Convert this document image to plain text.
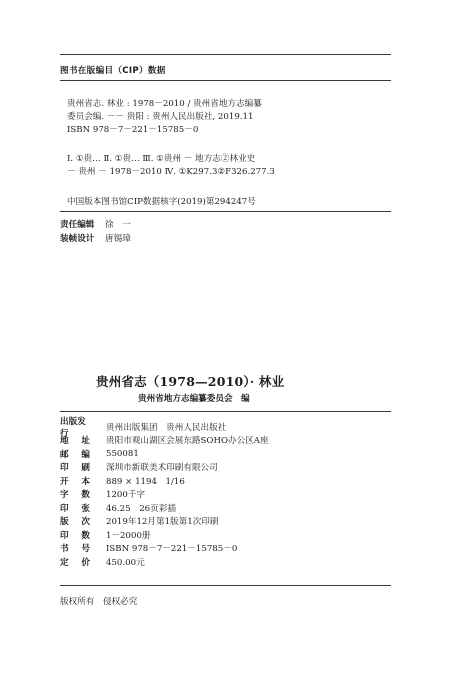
图书在版编目（CIP）数据
贵州省志. 林业 : 1978－2010 / 贵州省地方志编纂
委员会编. －－ 贵阳 : 贵州人民出版社, 2019.11
ISBN 978－7－221－15785－0
Ⅰ. ①贵… Ⅱ. ①贵… Ⅲ. ①贵州 － 地方志②林业史
－ 贵州 － 1978－2010 Ⅳ. ①K297.3②F326.277.3
中国版本图书馆CIP数据核字(2019)第294247号
责任编辑	徐　一
装帧设计	唐锡璋
贵州省志（1978—2010）· 林业
贵州省地方志编纂委员会　编
出版发行
贵州出版集团　贵州人民出版社
地 址 贵阳市观山湖区会展东路SOHO办公区A座
邮 编 550081
印 刷 深圳市新联美术印刷有限公司
开 本 889 × 1194　1/16
字 数 1200千字
印 张 46.25　26页彩插
版 次 2019年12月第1版第1次印刷
印 数 1－2000册
书 号 ISBN 978－7－221－15785－0
定 价 450.00元
版权所有　侵权必究
